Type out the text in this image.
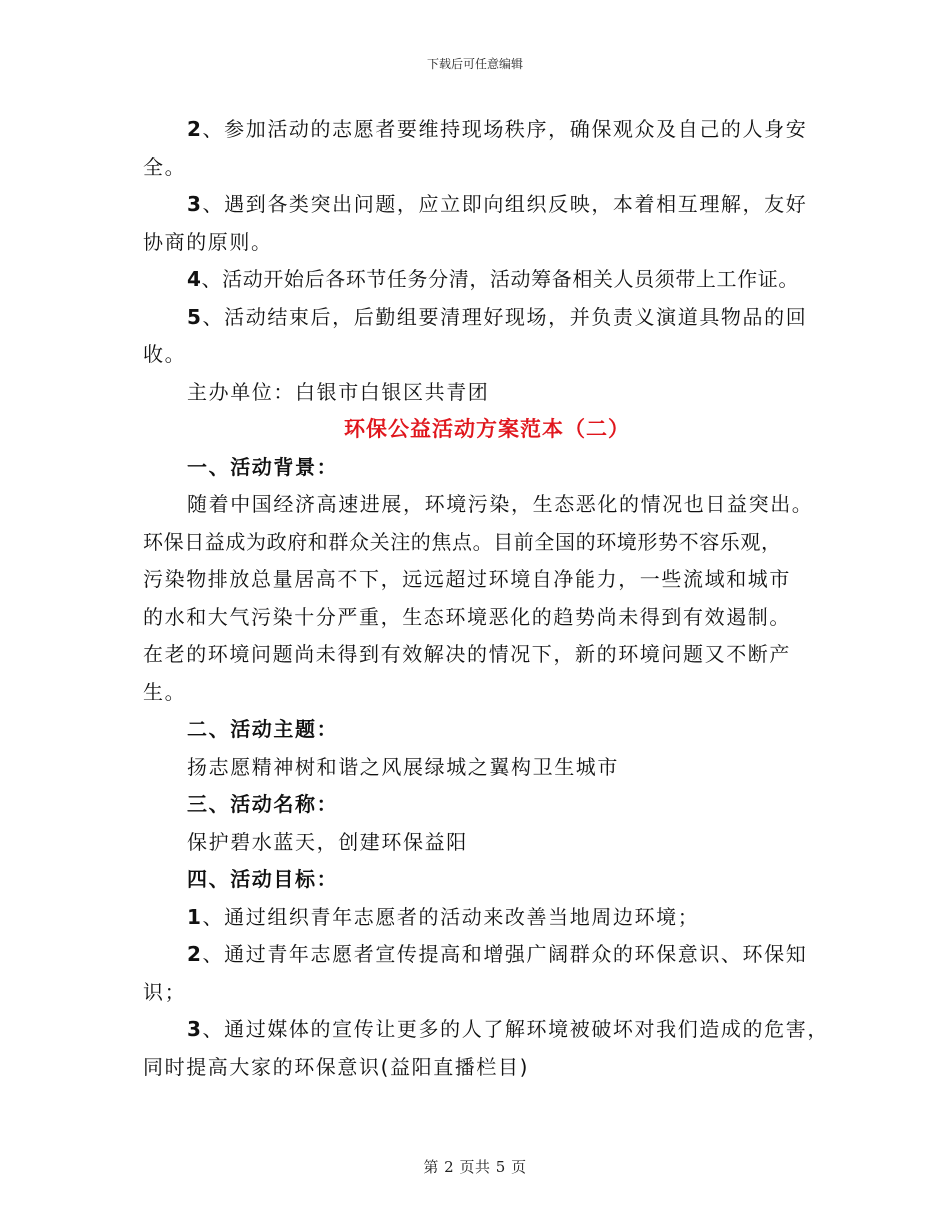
下载后可任意编辑
2、参加活动的志愿者要维持现场秩序，确保观众及自己的人身安
全。
3、遇到各类突出问题，应立即向组织反映，本着相互理解，友好
协商的原则。
4、活动开始后各环节任务分清，活动筹备相关人员须带上工作证。
5、活动结束后，后勤组要清理好现场，并负责义演道具物品的回
收。
主办单位：白银市白银区共青团
环保公益活动方案范本（二）
一、活动背景：
随着中国经济高速进展，环境污染，生态恶化的情况也日益突出。
环保日益成为政府和群众关注的焦点。目前全国的环境形势不容乐观，
污染物排放总量居高不下，远远超过环境自净能力，一些流域和城市
的水和大气污染十分严重，生态环境恶化的趋势尚未得到有效遏制。
在老的环境问题尚未得到有效解决的情况下，新的环境问题又不断产
生。
二、活动主题：
扬志愿精神树和谐之风展绿城之翼构卫生城市
三、活动名称：
保护碧水蓝天，创建环保益阳
四、活动目标：
1、通过组织青年志愿者的活动来改善当地周边环境；
2、通过青年志愿者宣传提高和增强广阔群众的环保意识、环保知
识；
3、通过媒体的宣传让更多的人了解环境被破坏对我们造成的危害，
同时提高大家的环保意识(益阳直播栏目)
第 2 页共 5 页
